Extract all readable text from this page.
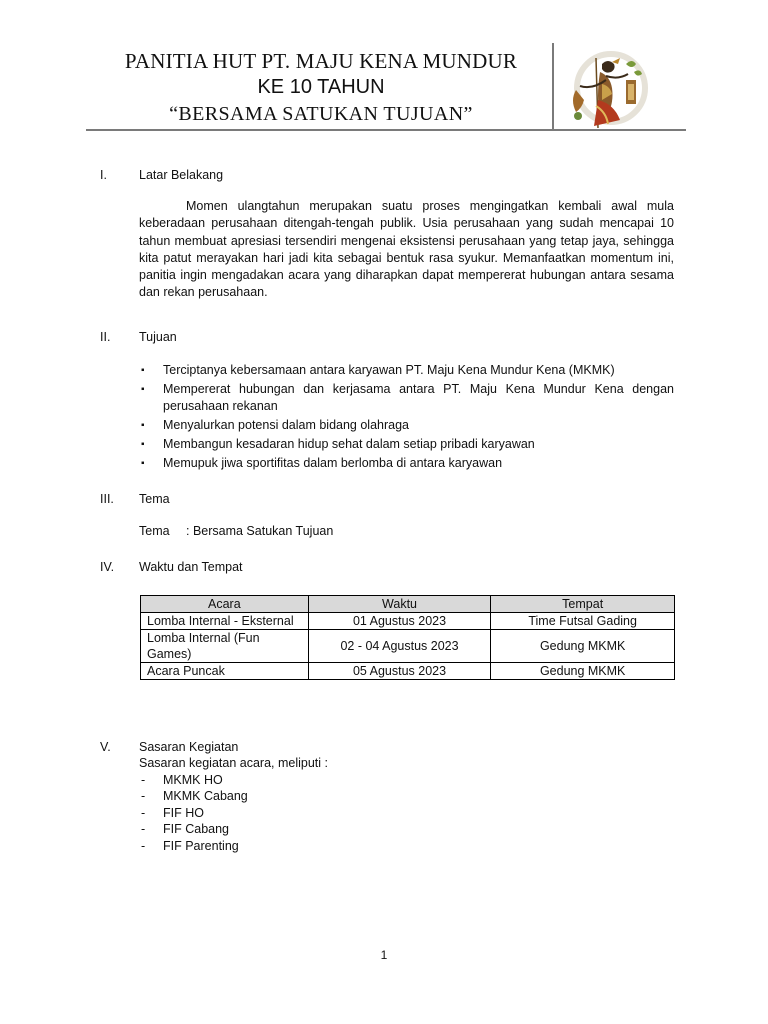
PANITIA HUT PT. MAJU KENA MUNDUR
KE 10 TAHUN
“BERSAMA SATUKAN TUJUAN”
I.	Latar Belakang
Momen ulangtahun merupakan suatu proses mengingatkan kembali awal mula keberadaan perusahaan ditengah-tengah publik. Usia perusahaan yang sudah mencapai 10 tahun membuat apresiasi tersendiri mengenai eksistensi perusahaan yang tetap jaya, sehingga kita patut merayakan hari jadi kita sebagai bentuk rasa syukur. Memanfaatkan momentum ini, panitia ingin mengadakan acara yang diharapkan dapat mempererat hubungan antara sesama dan rekan perusahaan.
II.	Tujuan
▪ Terciptanya kebersamaan antara karyawan PT. Maju Kena Mundur Kena (MKMK)
▪ Mempererat hubungan dan kerjasama antara PT. Maju Kena Mundur Kena dengan perusahaan rekanan
▪ Menyalurkan potensi dalam bidang olahraga
▪ Membangun kesadaran hidup sehat dalam setiap pribadi karyawan
▪ Memupuk jiwa sportifitas dalam berlomba di antara karyawan
III.	Tema
Tema : Bersama Satukan Tujuan
IV.	Waktu dan Tempat
Acara	Waktu	Tempat
Lomba Internal - Eksternal	01 Agustus 2023	Time Futsal Gading
Lomba Internal (Fun Games)	02 - 04 Agustus 2023	Gedung MKMK
Acara Puncak	05 Agustus 2023	Gedung MKMK
V.	Sasaran Kegiatan
Sasaran kegiatan acara, meliputi :
- MKMK HO
- MKMK Cabang
- FIF HO
- FIF Cabang
- FIF Parenting
1
